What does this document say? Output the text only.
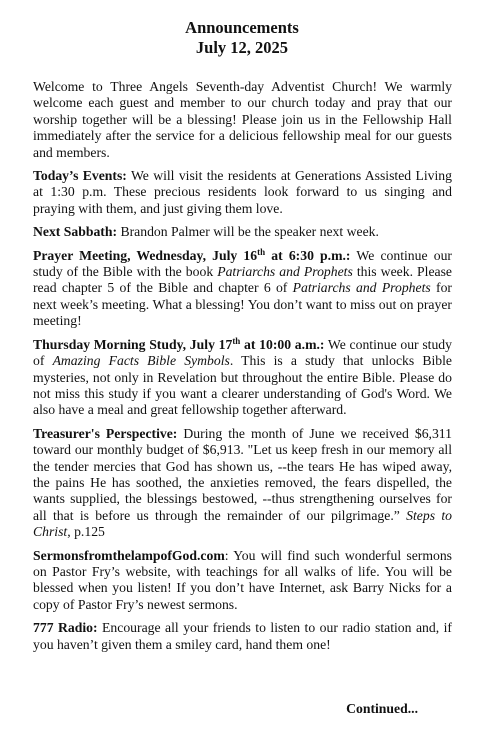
Announcements
July 12, 2025

Welcome to Three Angels Seventh-day Adventist Church! We warmly welcome each guest and member to our church today and pray that our worship together will be a blessing! Please join us in the Fellowship Hall immediately after the service for a delicious fellowship meal for our guests and members.

Today’s Events: We will visit the residents at Generations Assisted Living at 1:30 p.m. These precious residents look forward to us singing and praying with them, and just giving them love.

Next Sabbath: Brandon Palmer will be the speaker next week.

Prayer Meeting, Wednesday, July 16th at 6:30 p.m.: We continue our study of the Bible with the book Patriarchs and Prophets this week. Please read chapter 5 of the Bible and chapter 6 of Patriarchs and Prophets for next week’s meeting. What a blessing! You don’t want to miss out on prayer meeting!

Thursday Morning Study, July 17th at 10:00 a.m.: We continue our study of Amazing Facts Bible Symbols. This is a study that unlocks Bible mysteries, not only in Revelation but throughout the entire Bible. Please do not miss this study if you want a clearer understanding of God's Word. We also have a meal and great fellowship together afterward.

Treasurer's Perspective: During the month of June we received $6,311 toward our monthly budget of $6,913. "Let us keep fresh in our memory all the tender mercies that God has shown us, --the tears He has wiped away, the pains He has soothed, the anxieties removed, the fears dispelled, the wants supplied, the blessings bestowed, --thus strengthening ourselves for all that is before us through the remainder of our pilgrimage.” Steps to Christ, p.125

SermonsfromthelampofGod.com: You will find such wonderful sermons on Pastor Fry’s website, with teachings for all walks of life. You will be blessed when you listen! If you don’t have Internet, ask Barry Nicks for a copy of Pastor Fry’s newest sermons.

777 Radio: Encourage all your friends to listen to our radio station and, if you haven’t given them a smiley card, hand them one!

Continued...
